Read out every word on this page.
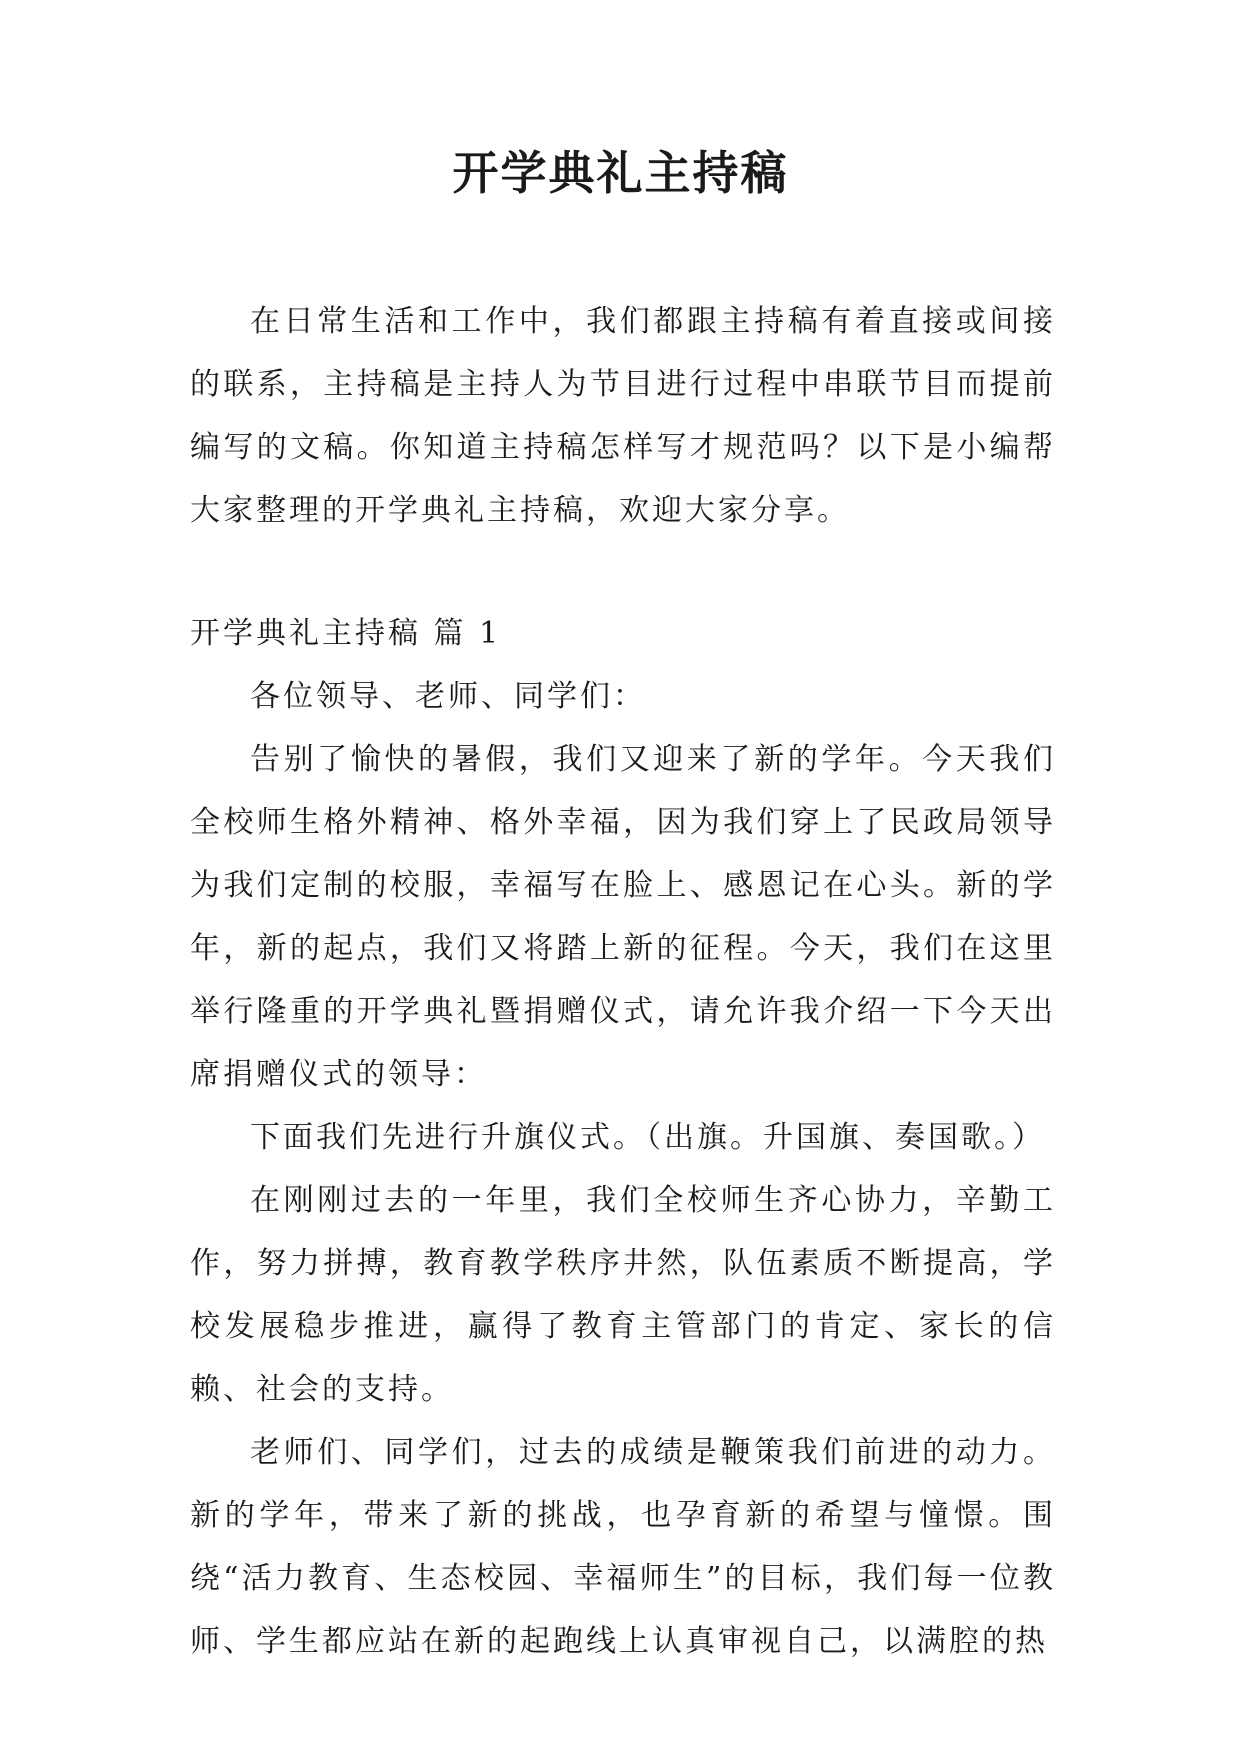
开学典礼主持稿

在日常生活和工作中，我们都跟主持稿有着直接或间接的联系，主持稿是主持人为节目进行过程中串联节目而提前编写的文稿。你知道主持稿怎样写才规范吗？以下是小编帮大家整理的开学典礼主持稿，欢迎大家分享。

开学典礼主持稿 篇 1

各位领导、老师、同学们：

告别了愉快的暑假，我们又迎来了新的学年。今天我们全校师生格外精神、格外幸福，因为我们穿上了民政局领导为我们定制的校服，幸福写在脸上、感恩记在心头。新的学年，新的起点，我们又将踏上新的征程。今天，我们在这里举行隆重的开学典礼暨捐赠仪式，请允许我介绍一下今天出席捐赠仪式的领导：

下面我们先进行升旗仪式。（出旗。升国旗、奏国歌。）

在刚刚过去的一年里，我们全校师生齐心协力，辛勤工作，努力拼搏，教育教学秩序井然，队伍素质不断提高，学校发展稳步推进，赢得了教育主管部门的肯定、家长的信赖、社会的支持。

老师们、同学们，过去的成绩是鞭策我们前进的动力。新的学年，带来了新的挑战，也孕育新的希望与憧憬。围绕“活力教育、生态校园、幸福师生”的目标，我们每一位教师、学生都应站在新的起跑线上认真审视自己，以满腔的热
